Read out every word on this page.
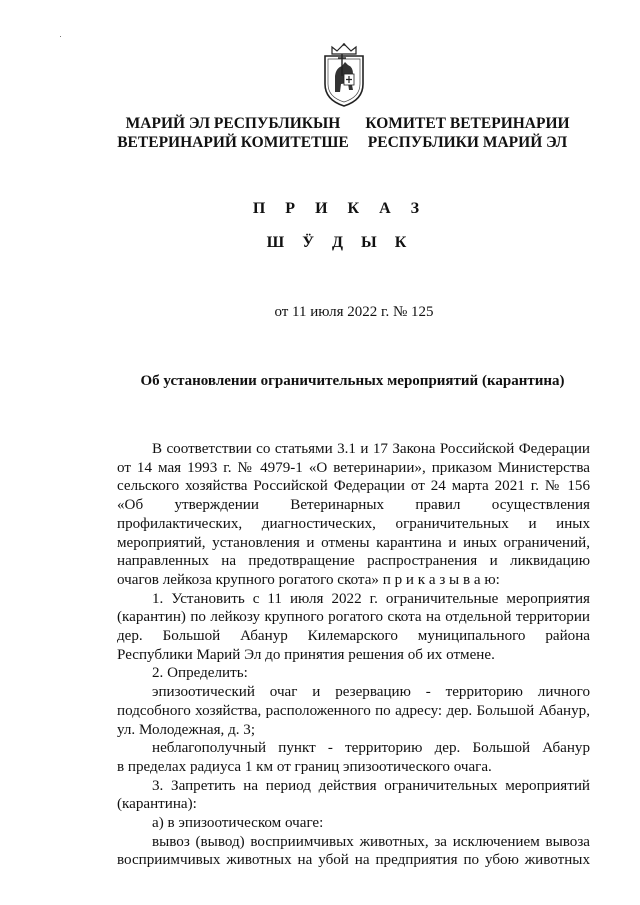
МАРИЙ ЭЛ РЕСПУБЛИКЫН
ВЕТЕРИНАРИЙ КОМИТЕТШЕ
КОМИТЕТ ВЕТЕРИНАРИИ
РЕСПУБЛИКИ МАРИЙ ЭЛ
П Р И К А З
Ш Ӱ Д Ы К
от 11 июля 2022 г. № 125
Об установлении ограничительных мероприятий (карантина)

В соответствии со статьями 3.1 и 17 Закона Российской Федерации

от 14 мая 1993 г. № 4979-1 «О ветеринарии», приказом Министерства

сельского хозяйства Российской Федерации от 24 марта 2021 г. № 156

«Об утверждении Ветеринарных правил осуществления

профилактических, диагностических, ограничительных и иных

мероприятий, установления и отмены карантина и иных ограничений,

направленных на предотвращение распространения и ликвидацию

очагов лейкоза крупного рогатого скота» п р и к а з ы в а ю:

1. Установить с 11 июля 2022 г. ограничительные мероприятия

(карантин) по лейкозу крупного рогатого скота на отдельной территории

дер. Большой Абанур Килемарского муниципального района

Республики Марий Эл до принятия решения об их отмене.

2. Определить:

эпизоотический очаг и резервацию - территорию личного

подсобного хозяйства, расположенного по адресу: дер. Большой Абанур,

ул. Молодежная, д. 3;

неблагополучный пункт - территорию дер. Большой Абанур

в пределах радиуса 1 км от границ эпизоотического очага.

3. Запретить на период действия ограничительных мероприятий

(карантина):

а) в эпизоотическом очаге:

вывоз (вывод) восприимчивых животных, за исключением вывоза

восприимчивых животных на убой на предприятия по убою животных
